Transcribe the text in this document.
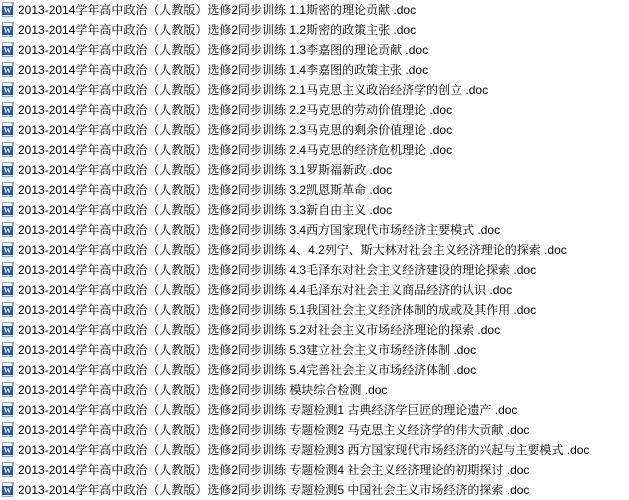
W 2013-2014学年高中政治（人教版）选修2同步训练 1.1斯密的理论贡献 .doc
W 2013-2014学年高中政治（人教版）选修2同步训练 1.2斯密的政策主张 .doc
W 2013-2014学年高中政治（人教版）选修2同步训练 1.3李嘉图的理论贡献 .doc
W 2013-2014学年高中政治（人教版）选修2同步训练 1.4李嘉图的政策主张 .doc
W 2013-2014学年高中政治（人教版）选修2同步训练 2.1马克思主义政治经济学的创立 .doc
W 2013-2014学年高中政治（人教版）选修2同步训练 2.2马克思的劳动价值理论 .doc
W 2013-2014学年高中政治（人教版）选修2同步训练 2.3马克思的剩余价值理论 .doc
W 2013-2014学年高中政治（人教版）选修2同步训练 2.4马克思的经济危机理论 .doc
W 2013-2014学年高中政治（人教版）选修2同步训练 3.1罗斯福新政 .doc
W 2013-2014学年高中政治（人教版）选修2同步训练 3.2凯恩斯革命 .doc
W 2013-2014学年高中政治（人教版）选修2同步训练 3.3新自由主义 .doc
W 2013-2014学年高中政治（人教版）选修2同步训练 3.4西方国家现代市场经济主要模式 .doc
W 2013-2014学年高中政治（人教版）选修2同步训练 4、4.2列宁、斯大林对社会主义经济理论的探索 .doc
W 2013-2014学年高中政治（人教版）选修2同步训练 4.3毛泽东对社会主义经济建设的理论探索 .doc
W 2013-2014学年高中政治（人教版）选修2同步训练 4.4毛泽东对社会主义商品经济的认识 .doc
W 2013-2014学年高中政治（人教版）选修2同步训练 5.1我国社会主义经济体制的成或及其作用 .doc
W 2013-2014学年高中政治（人教版）选修2同步训练 5.2对社会主义市场经济理论的探索 .doc
W 2013-2014学年高中政治（人教版）选修2同步训练 5.3建立社会主义市场经济体制 .doc
W 2013-2014学年高中政治（人教版）选修2同步训练 5.4完善社会主义市场经济体制 .doc
W 2013-2014学年高中政治（人教版）选修2同步训练 模块综合检测 .doc
W 2013-2014学年高中政治（人教版）选修2同步训练 专题检测1 古典经济学巨匠的理论遗产 .doc
W 2013-2014学年高中政治（人教版）选修2同步训练 专题检测2 马克思主义经济学的伟大贡献 .doc
W 2013-2014学年高中政治（人教版）选修2同步训练 专题检测3 西方国家现代市场经济的兴起与主要模式 .doc
W 2013-2014学年高中政治（人教版）选修2同步训练 专题检测4 社会主义经济理论的初期探讨 .doc
W 2013-2014学年高中政治（人教版）选修2同步训练 专题检测5 中国社会主义市场经济的探索 .doc
